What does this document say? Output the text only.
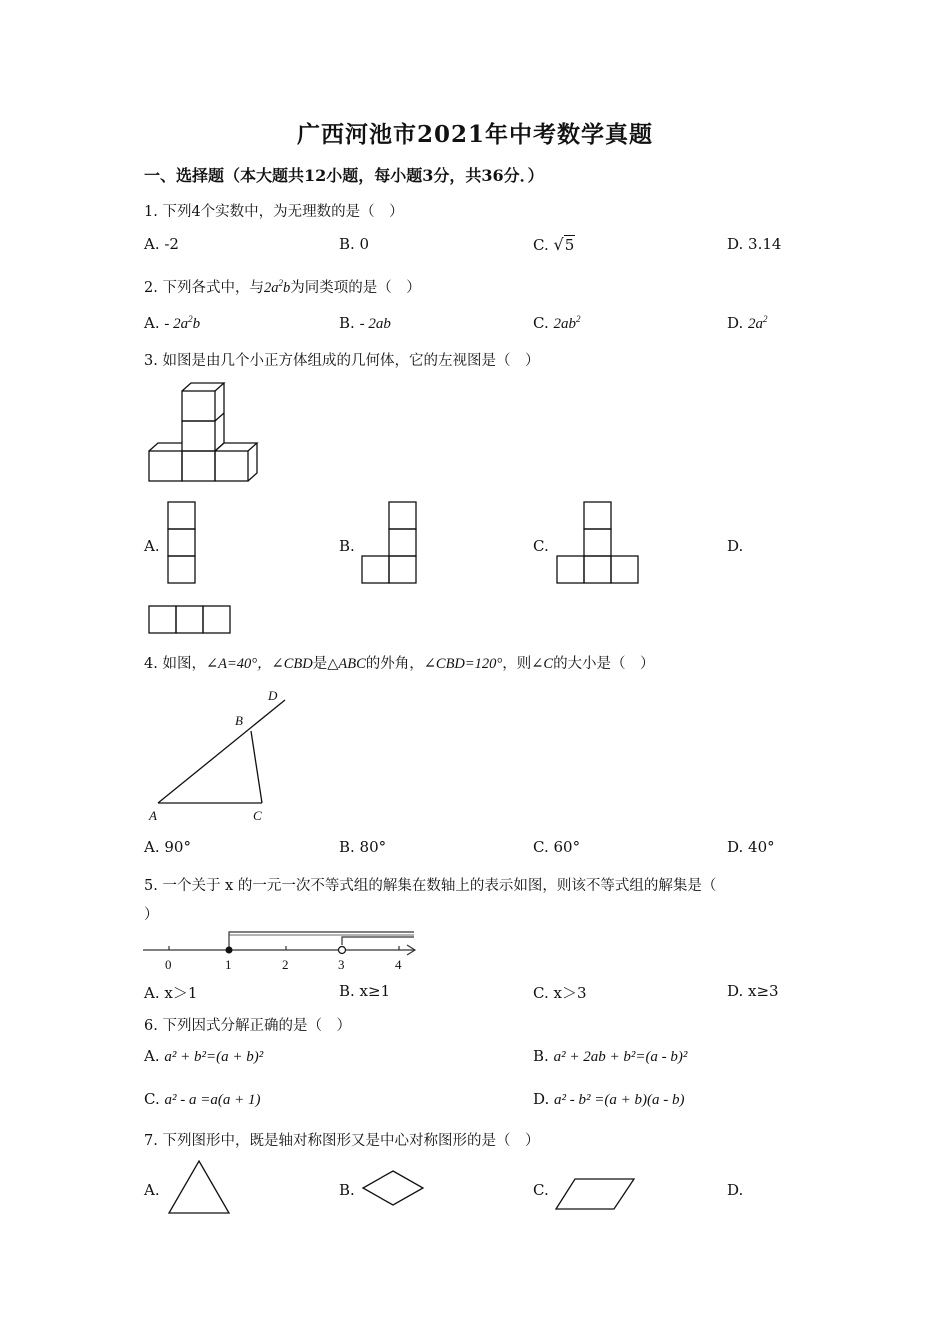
广西河池市2021年中考数学真题
一、选择题（本大题共12小题，每小题3分，共36分．）
1. 下列4个实数中，为无理数的是（　）
A. -2	B. 0	C. √5	D. 3.14
2. 下列各式中，与$2a^2b$为同类项的是（　）
A. - $2a^2b$	B. - 2ab	C. $2ab^2$	D. $2a^2$
3. 如图是由几个小正方体组成的几何体，它的左视图是（　）
A.	B.	C.	D.
4. 如图，∠A=40°，∠CBD是△ABC的外角，∠CBD=120°，则∠C的大小是（　）
D
B
A	C
A. 90°	B. 80°	C. 60°	D. 40°
5. 一个关于 x 的一元一次不等式组的解集在数轴上的表示如图，则该不等式组的解集是（
）
0	1	2	3	4
A. x＞1	B. x≥1	C. x＞3	D. x≥3
6. 下列因式分解正确的是（　）
A. a² + b²=(a + b)²	B. a² + 2ab + b²=(a - b)²
C. a² - a =a(a + 1)	D. a² - b² =(a + b)(a - b)
7. 下列图形中，既是轴对称图形又是中心对称图形的是（　）
A.	B.	C.	D.
